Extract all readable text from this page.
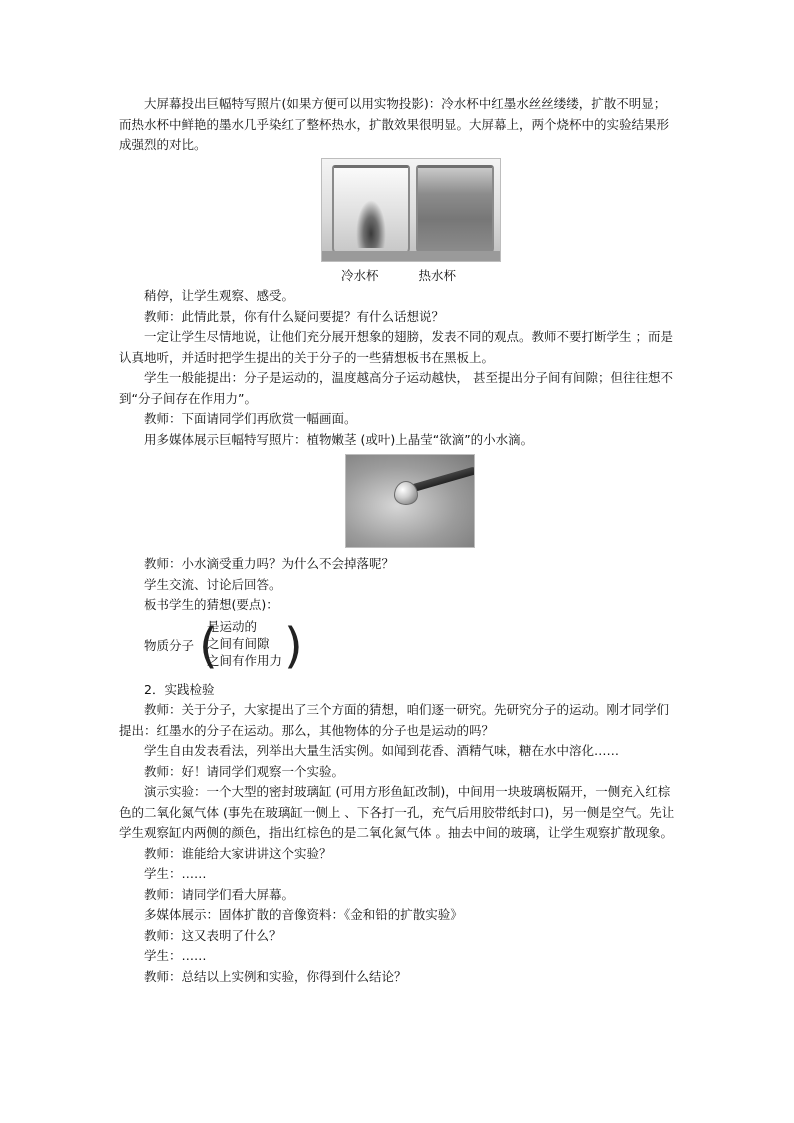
大屏幕投出巨幅特写照片(如果方便可以用实物投影)：冷水杯中红墨水丝丝缕缕，扩散不明显；而热水杯中鲜艳的墨水几乎染红了整杯热水，扩散效果很明显。大屏幕上，两个烧杯中的实验结果形成强烈的对比。

冷水杯	热水杯

稍停，让学生观察、感受。

教师：此情此景，你有什么疑问要提？有什么话想说？

一定让学生尽情地说，让他们充分展开想象的翅膀，发表不同的观点。教师不要打断学生 ；而是认真地听，并适时把学生提出的关于分子的一些猜想板书在黑板上。

学生一般能提出：分子是运动的，温度越高分子运动越快， 甚至提出分子间有间隙；但往往想不到“分子间存在作用力”。

教师：下面请同学们再欣赏一幅画面。

用多媒体展示巨幅特写照片：植物嫩茎 (或叶)上晶莹“欲滴”的小水滴。

教师：小水滴受重力吗？为什么不会掉落呢？

学生交流、讨论后回答。

板书学生的猜想(要点)：

物质分子 (
是运动的
之间有间隙
之间有作用力 )

2．实践检验

教师：关于分子，大家提出了三个方面的猜想，咱们逐一研究。先研究分子的运动。刚才同学们提出：红墨水的分子在运动。那么，其他物体的分子也是运动的吗？

学生自由发表看法，列举出大量生活实例。如闻到花香、酒精气味，糖在水中溶化……

教师：好！请同学们观察一个实验。

演示实验：一个大型的密封玻璃缸 (可用方形鱼缸改制)，中间用一块玻璃板隔开，一侧充入红棕色的二氧化氮气体 (事先在玻璃缸一侧上 、下各打一孔，充气后用胶带纸封口)，另一侧是空气。先让学生观察缸内两侧的颜色，指出红棕色的是二氧化氮气体 。抽去中间的玻璃，让学生观察扩散现象。

教师：谁能给大家讲讲这个实验？

学生：……

教师：请同学们看大屏幕。

多媒体展示：固体扩散的音像资料：《金和铅的扩散实验》

教师：这又表明了什么？

学生：……

教师：总结以上实例和实验，你得到什么结论？
